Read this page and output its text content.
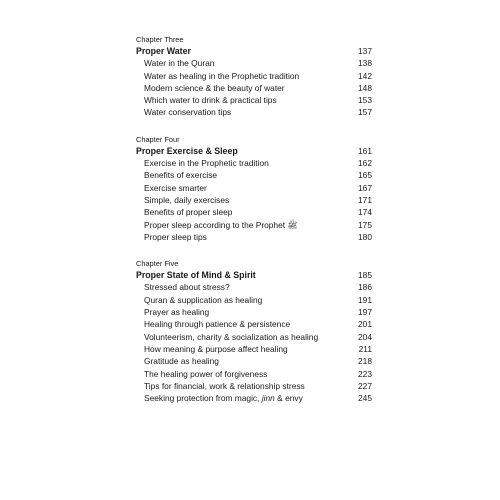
Chapter Three
Proper Water	137
Water in the Quran	138
Water as healing in the Prophetic tradition	142
Modern science & the beauty of water	148
Which water to drink & practical tips	153
Water conservation tips	157
Chapter Four
Proper Exercise & Sleep	161
Exercise in the Prophetic tradition	162
Benefits of exercise	165
Exercise smarter	167
Simple, daily exercises	171
Benefits of proper sleep	174
Proper sleep according to the Prophet ﷺ	175
Proper sleep tips	180
Chapter Five
Proper State of Mind & Spirit	185
Stressed about stress?	186
Quran & supplication as healing	191
Prayer as healing	197
Healing through patience & persistence	201
Volunteerism, charity & socialization as healing	204
How meaning & purpose affect healing	211
Gratitude as healing	218
The healing power of forgiveness	223
Tips for financial, work & relationship stress	227
Seeking protection from magic, jinn & envy	245
